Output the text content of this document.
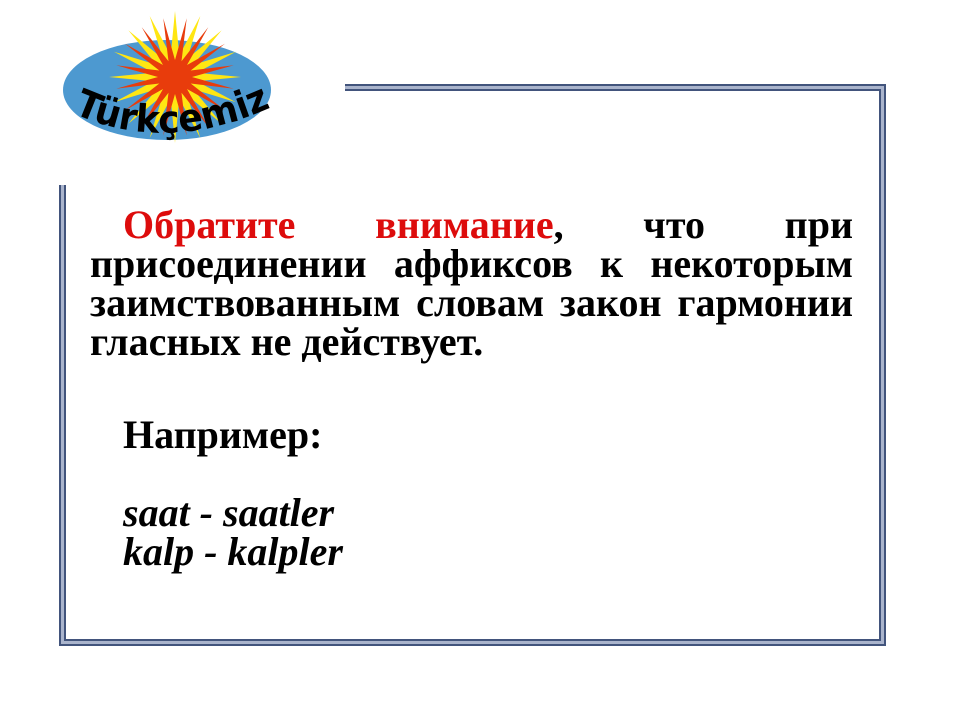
Türkçemiz
Обратите внимание, что при
присоединении аффиксов к некоторым
заимствованным словам закон гармонии
гласных не действует.
Например:
saat - saatler
kalp - kalpler
